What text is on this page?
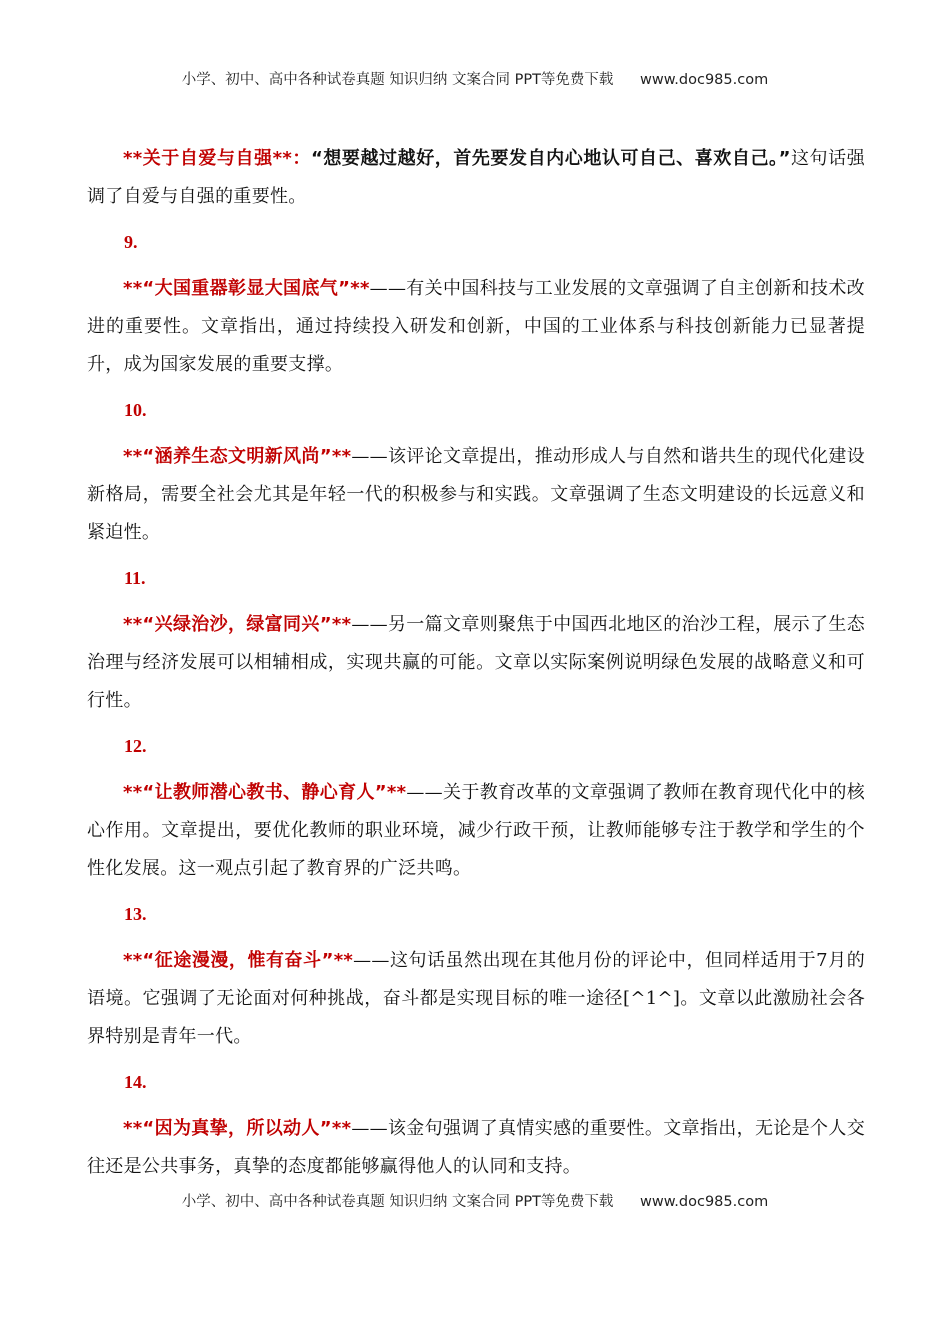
小学、初中、高中各种试卷真题 知识归纳 文案合同 PPT等免费下载 www.doc985.com

**关于自爱与自强**：“想要越过越好，首先要发自内心地认可自己、喜欢自己。”这句话强调了自爱与自强的重要性。

9.

**“大国重器彰显大国底气”**——有关中国科技与工业发展的文章强调了自主创新和技术改进的重要性。文章指出，通过持续投入研发和创新，中国的工业体系与科技创新能力已显著提升，成为国家发展的重要支撑。

10.

**“涵养生态文明新风尚”**——该评论文章提出，推动形成人与自然和谐共生的现代化建设新格局，需要全社会尤其是年轻一代的积极参与和实践。文章强调了生态文明建设的长远意义和紧迫性。

11.

**“兴绿治沙，绿富同兴”**——另一篇文章则聚焦于中国西北地区的治沙工程，展示了生态治理与经济发展可以相辅相成，实现共赢的可能。文章以实际案例说明绿色发展的战略意义和可行性。

12.

**“让教师潜心教书、静心育人”**——关于教育改革的文章强调了教师在教育现代化中的核心作用。文章提出，要优化教师的职业环境，减少行政干预，让教师能够专注于教学和学生的个性化发展。这一观点引起了教育界的广泛共鸣。

13.

**“征途漫漫，惟有奋斗”**——这句话虽然出现在其他月份的评论中，但同样适用于7月的语境。它强调了无论面对何种挑战，奋斗都是实现目标的唯一途径[^1^]。文章以此激励社会各界特别是青年一代。

14.

**“因为真挚，所以动人”**——该金句强调了真情实感的重要性。文章指出，无论是个人交往还是公共事务，真挚的态度都能够赢得他人的认同和支持。

小学、初中、高中各种试卷真题 知识归纳 文案合同 PPT等免费下载 www.doc985.com
